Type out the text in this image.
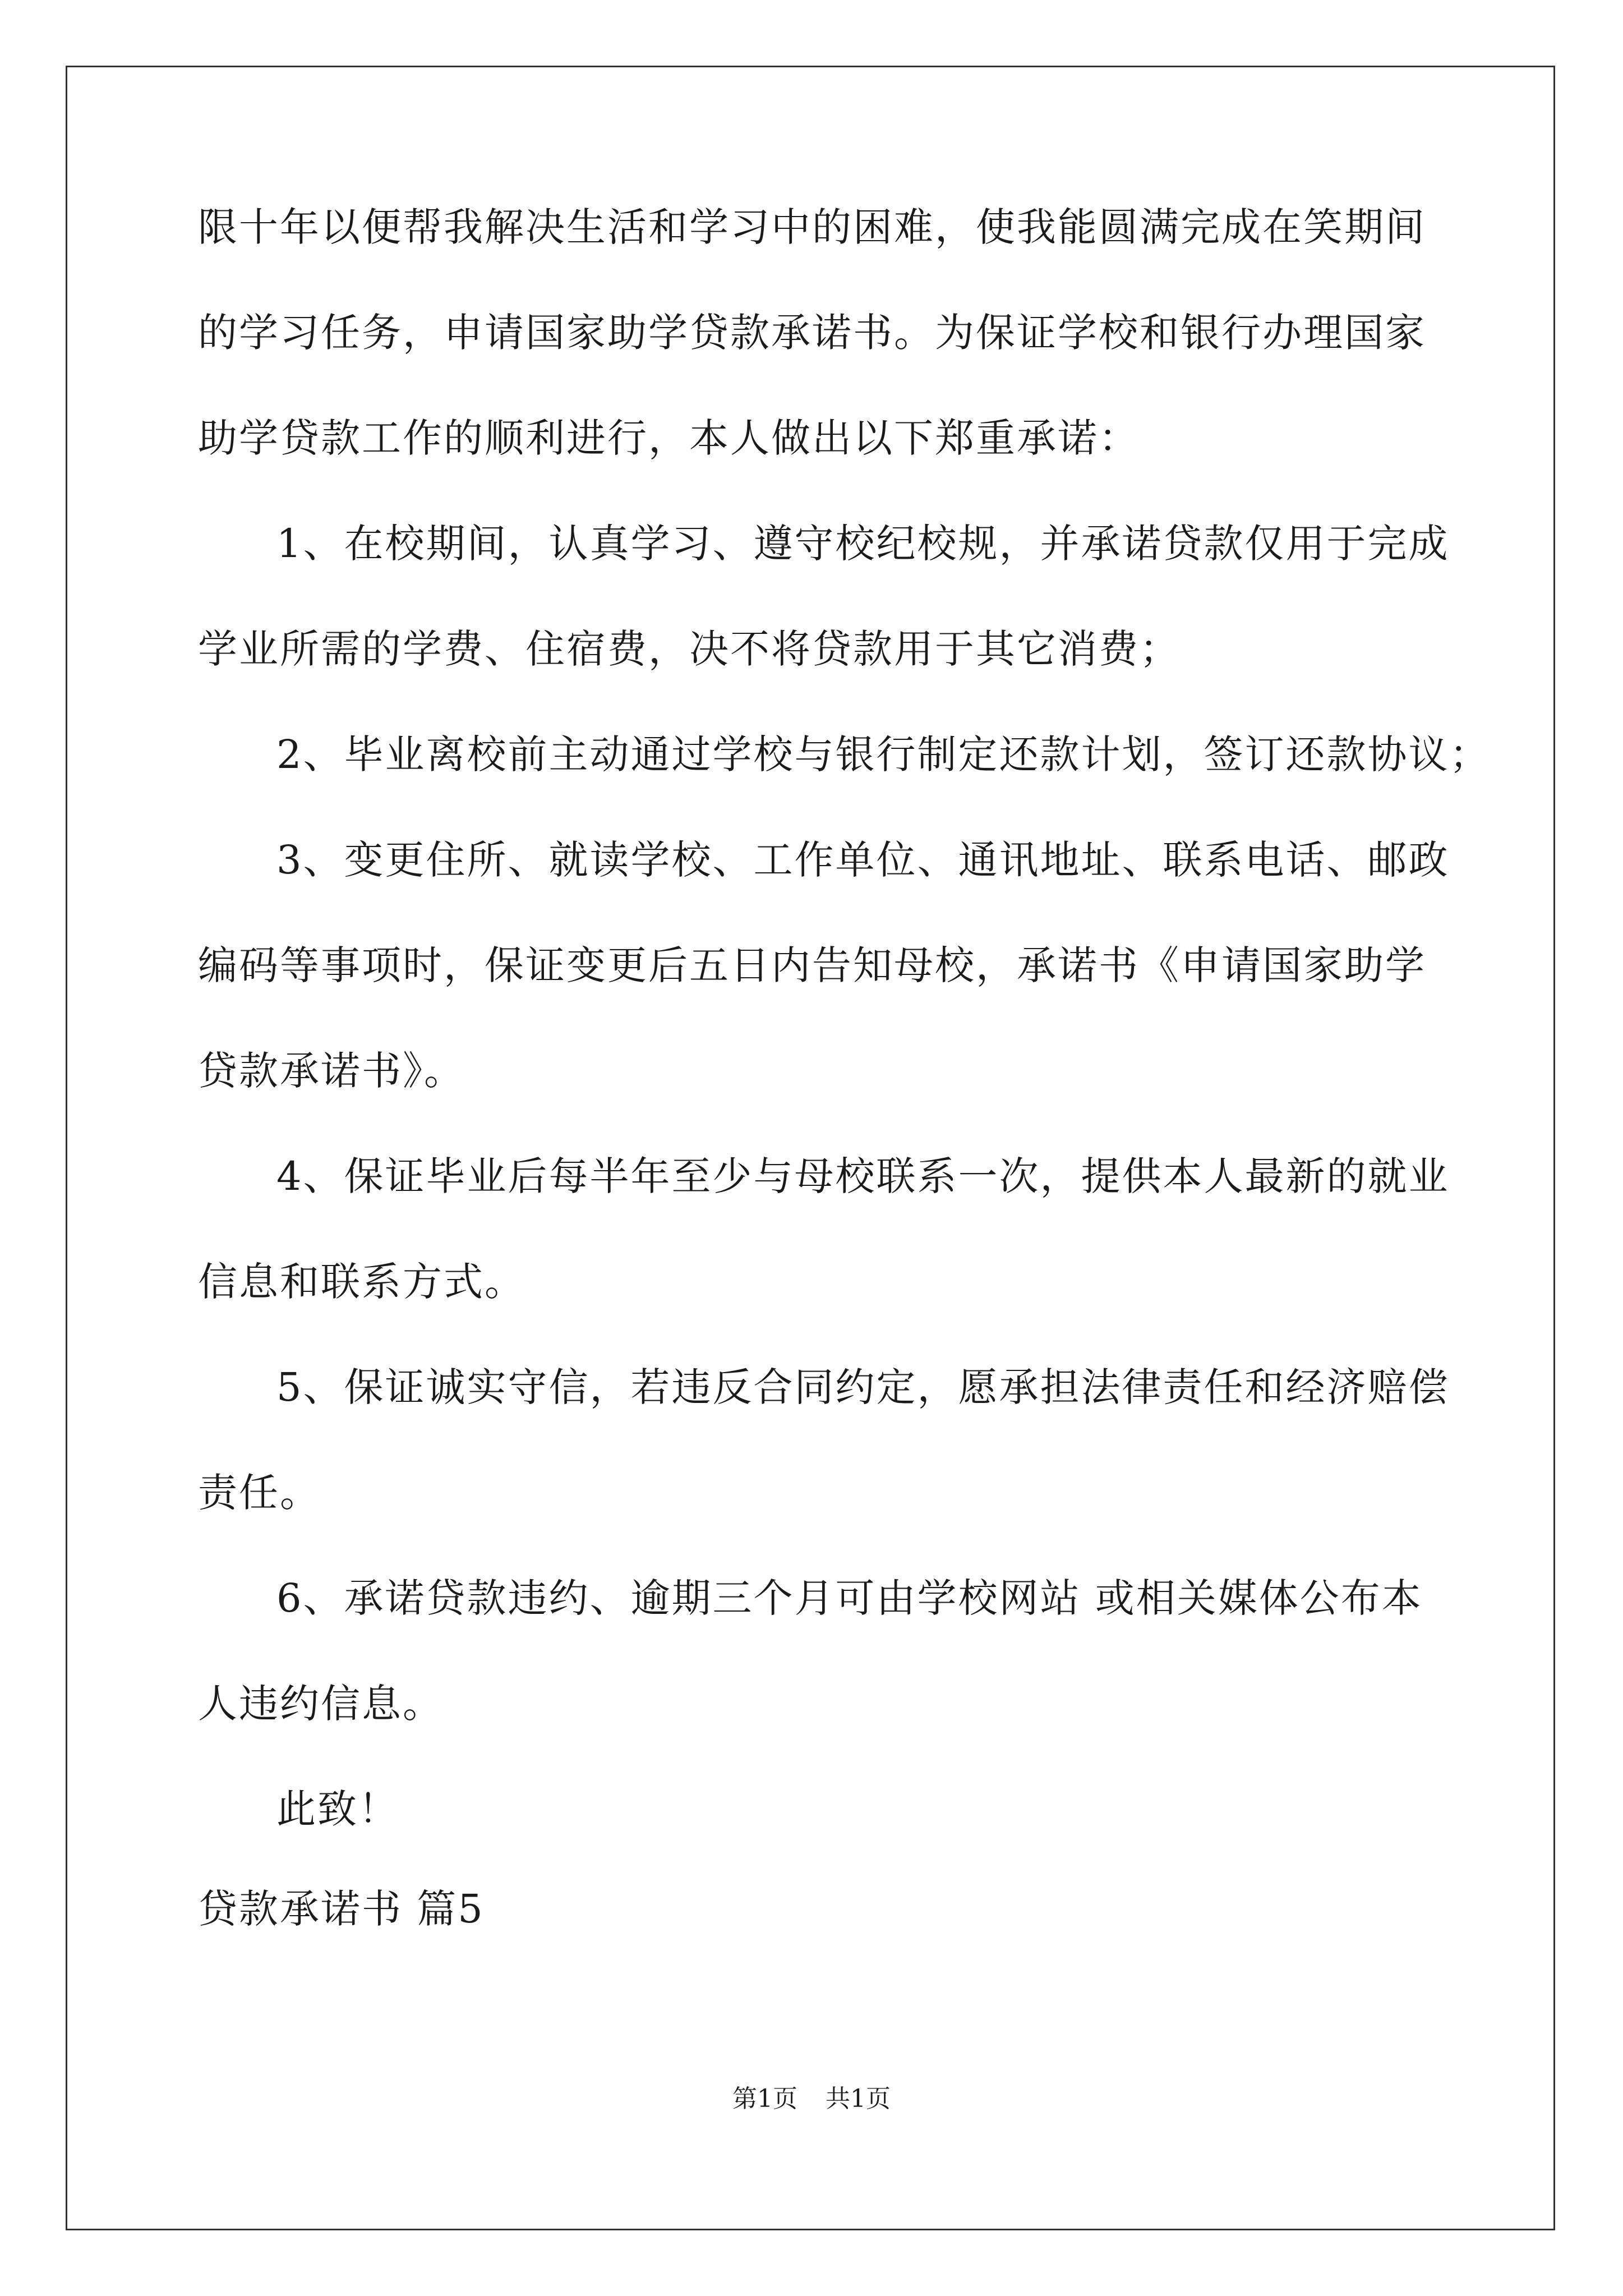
限十年以便帮我解决生活和学习中的困难，使我能圆满完成在笑期间
的学习任务，申请国家助学贷款承诺书。为保证学校和银行办理国家
助学贷款工作的顺利进行，本人做出以下郑重承诺：
1、在校期间，认真学习、遵守校纪校规，并承诺贷款仅用于完成
学业所需的学费、住宿费，决不将贷款用于其它消费；
2、毕业离校前主动通过学校与银行制定还款计划，签订还款协议；
3、变更住所、就读学校、工作单位、通讯地址、联系电话、邮政
编码等事项时，保证变更后五日内告知母校，承诺书《申请国家助学
贷款承诺书》。
4、保证毕业后每半年至少与母校联系一次，提供本人最新的就业
信息和联系方式。
5、保证诚实守信，若违反合同约定，愿承担法律责任和经济赔偿
责任。
6、承诺贷款违约、逾期三个月可由学校网站 或相关媒体公布本
人违约信息。
此致！
贷款承诺书 篇5
第1页 共1页
